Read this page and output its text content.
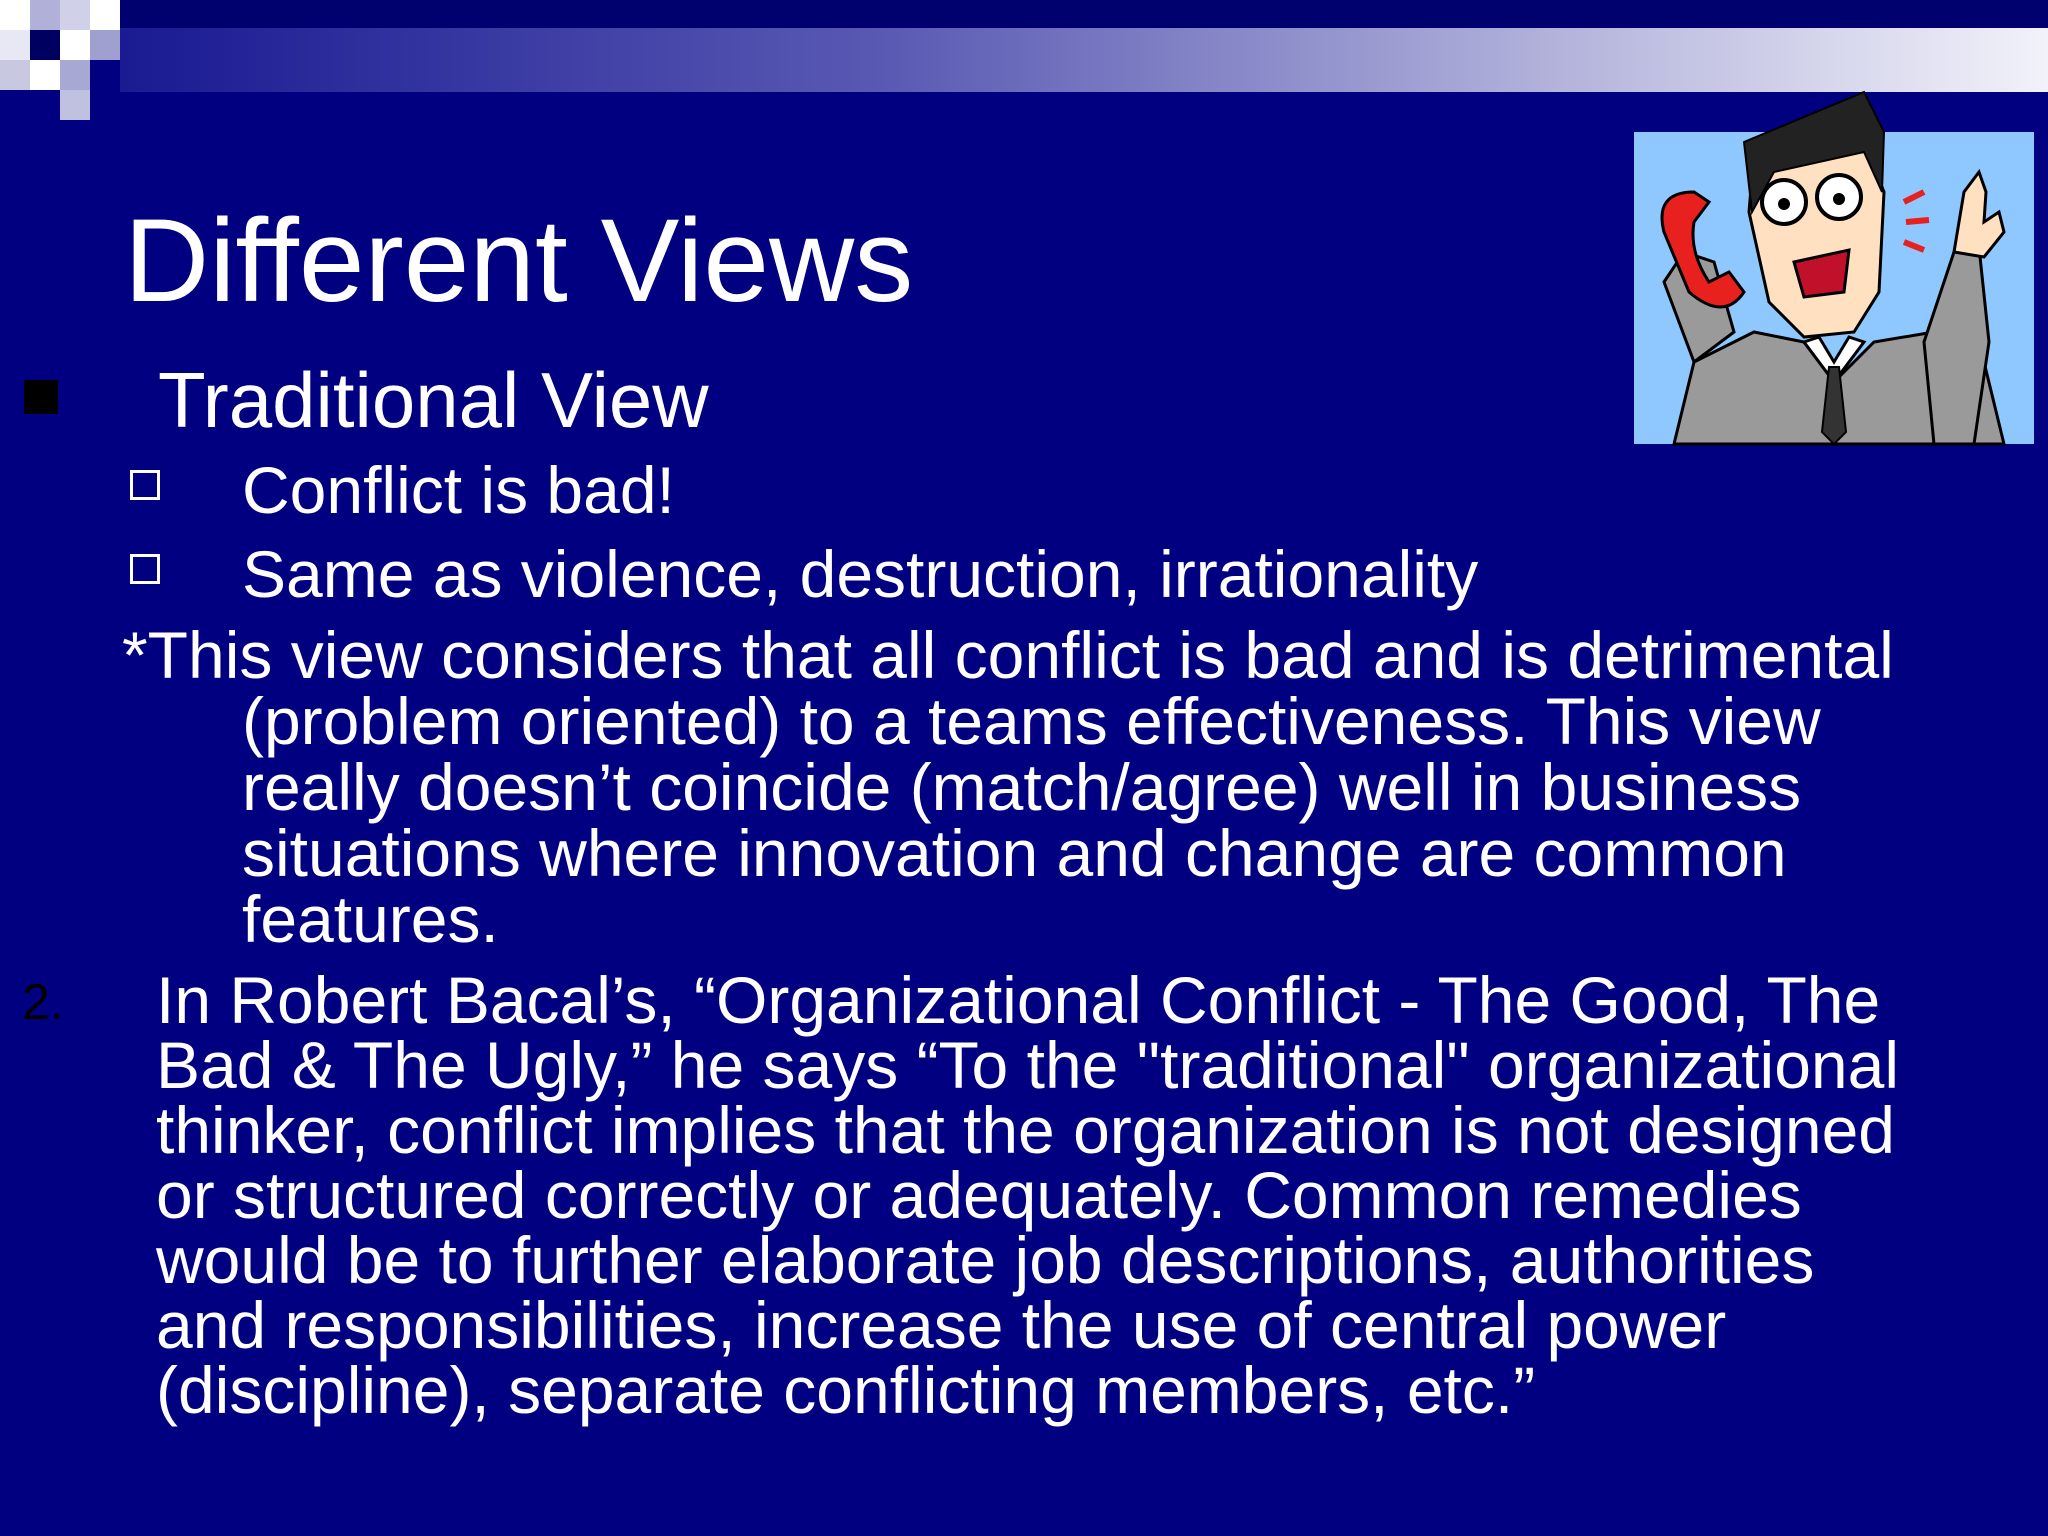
Different Views
Traditional View
Conflict is bad!
Same as violence, destruction, irrationality
*This view considers that all conflict is bad and is detrimental
(problem oriented) to a teams effectiveness. This view
really doesn’t coincide (match/agree) well in business
situations where innovation and change are common
features.
2. In Robert Bacal’s, “Organizational Conflict - The Good, The
Bad & The Ugly,” he says “To the "traditional" organizational
thinker, conflict implies that the organization is not designed
or structured correctly or adequately. Common remedies
would be to further elaborate job descriptions, authorities
and responsibilities, increase the use of central power
(discipline), separate conflicting members, etc.”
